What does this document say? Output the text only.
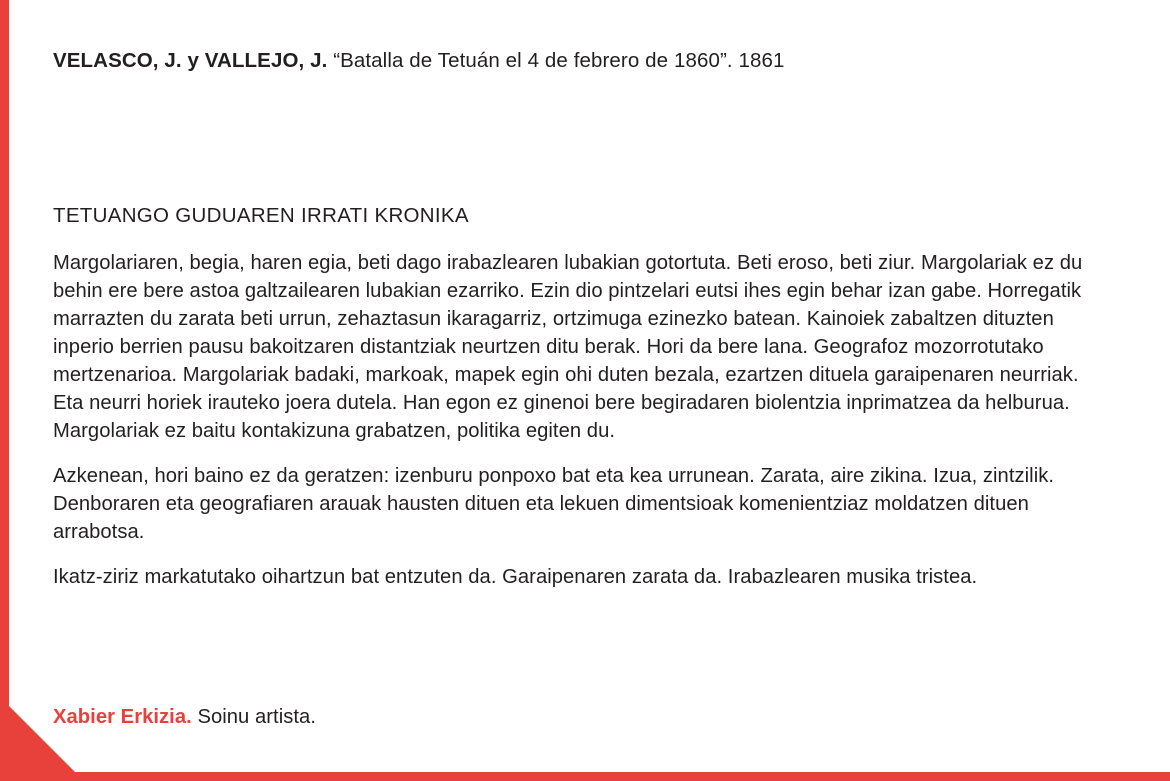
VELASCO, J. y VALLEJO, J. “Batalla de Tetuán el 4 de febrero de 1860”. 1861
TETUANGO GUDUAREN IRRATI KRONIKA

Margolariaren, begia, haren egia, beti dago irabazlearen lubakian gotortuta. Beti eroso, beti ziur. Margolariak ez du behin ere bere astoa galtzailearen lubakian ezarriko. Ezin dio pintzelari eutsi ihes egin behar izan gabe. Horregatik marrazten du zarata beti urrun, zehaztasun ikaragarriz, ortzimuga ezinezko batean. Kainoiek zabaltzen dituzten inperio berrien pausu bakoitzaren distantziak neurtzen ditu berak. Hori da bere lana. Geografoz mozorrotutako mertzenarioa. Margolariak badaki, markoak, mapek egin ohi duten bezala, ezartzen dituela garaipenaren neurriak. Eta neurri horiek irauteko joera dutela. Han egon ez ginenoi bere begiradaren biolentzia inprimatzea da helburua. Margolariak ez baitu kontakizuna grabatzen, politika egiten du.

Azkenean, hori baino ez da geratzen: izenburu ponpoxo bat eta kea urrunean. Zarata, aire zikina. Izua, zintzilik. Denboraren eta geografiaren arauak hausten dituen eta lekuen dimentsioak komenientziaz moldatzen dituen arrabotsa.

Ikatz-ziriz markatutako oihartzun bat entzuten da. Garaipenaren zarata da. Irabazlearen musika tristea.

Xabier Erkizia. Soinu artista.
